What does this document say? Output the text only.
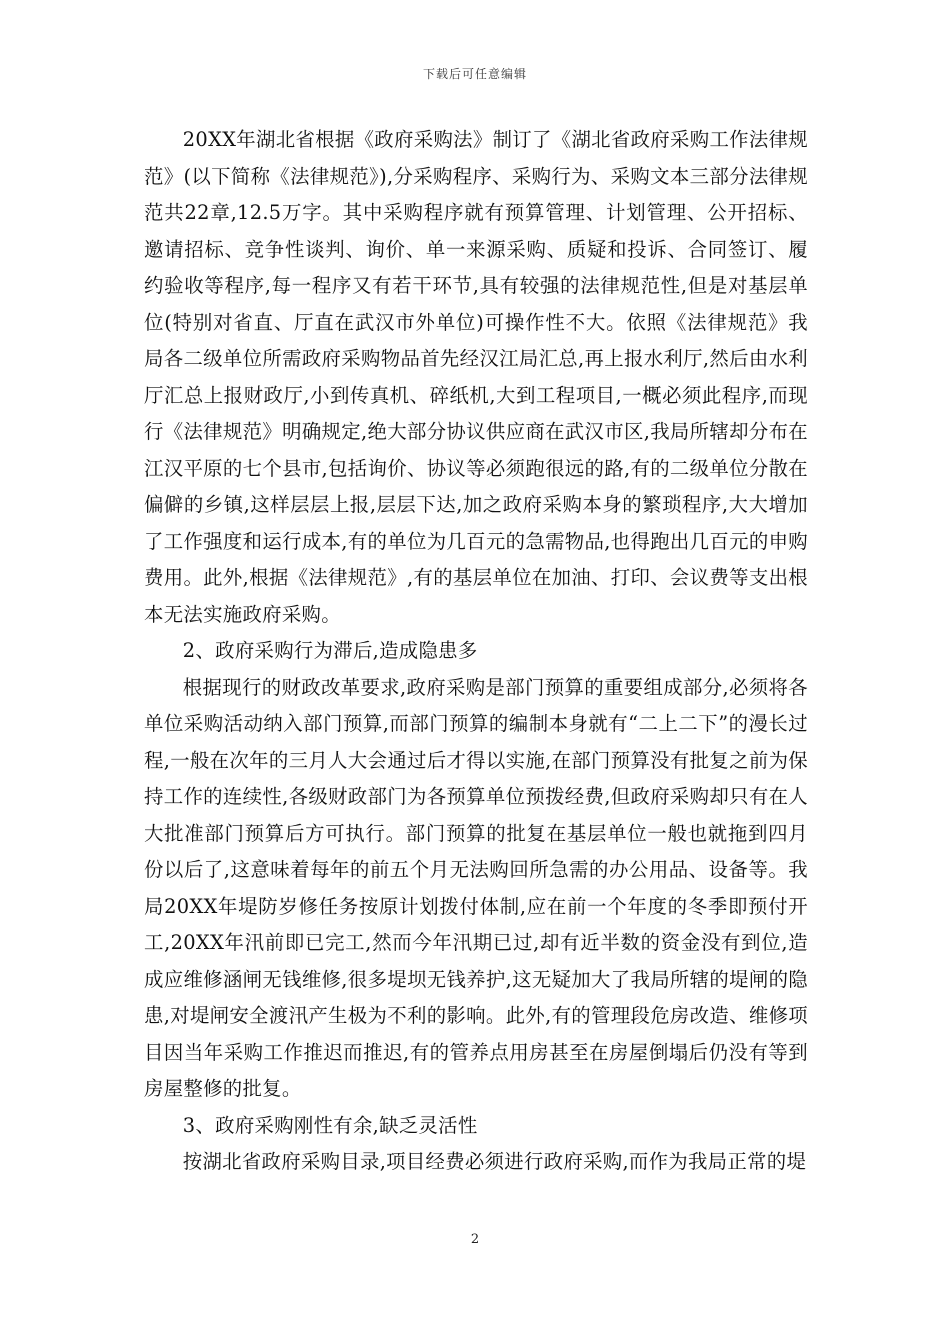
下载后可任意编辑

20XX年湖北省根据《政府采购法》制订了《湖北省政府采购工作法律规范》(以下简称《法律规范》),分采购程序、采购行为、采购文本三部分法律规范共22章,12.5万字。其中采购程序就有预算管理、计划管理、公开招标、邀请招标、竞争性谈判、询价、单一来源采购、质疑和投诉、合同签订、履约验收等程序,每一程序又有若干环节,具有较强的法律规范性,但是对基层单位(特别对省直、厅直在武汉市外单位)可操作性不大。依照《法律规范》我局各二级单位所需政府采购物品首先经汉江局汇总,再上报水利厅,然后由水利厅汇总上报财政厅,小到传真机、碎纸机,大到工程项目,一概必须此程序,而现行《法律规范》明确规定,绝大部分协议供应商在武汉市区,我局所辖却分布在江汉平原的七个县市,包括询价、协议等必须跑很远的路,有的二级单位分散在偏僻的乡镇,这样层层上报,层层下达,加之政府采购本身的繁琐程序,大大增加了工作强度和运行成本,有的单位为几百元的急需物品,也得跑出几百元的申购费用。此外,根据《法律规范》,有的基层单位在加油、打印、会议费等支出根本无法实施政府采购。

2、政府采购行为滞后,造成隐患多

根据现行的财政改革要求,政府采购是部门预算的重要组成部分,必须将各单位采购活动纳入部门预算,而部门预算的编制本身就有“二上二下”的漫长过程,一般在次年的三月人大会通过后才得以实施,在部门预算没有批复之前为保持工作的连续性,各级财政部门为各预算单位预拨经费,但政府采购却只有在人大批准部门预算后方可执行。部门预算的批复在基层单位一般也就拖到四月份以后了,这意味着每年的前五个月无法购回所急需的办公用品、设备等。我局20XX年堤防岁修任务按原计划拨付体制,应在前一个年度的冬季即预付开工,20XX年汛前即已完工,然而今年汛期已过,却有近半数的资金没有到位,造成应维修涵闸无钱维修,很多堤坝无钱养护,这无疑加大了我局所辖的堤闸的隐患,对堤闸安全渡汛产生极为不利的影响。此外,有的管理段危房改造、维修项目因当年采购工作推迟而推迟,有的管养点用房甚至在房屋倒塌后仍没有等到房屋整修的批复。

3、政府采购刚性有余,缺乏灵活性

按湖北省政府采购目录,项目经费必须进行政府采购,而作为我局正常的堤

2
